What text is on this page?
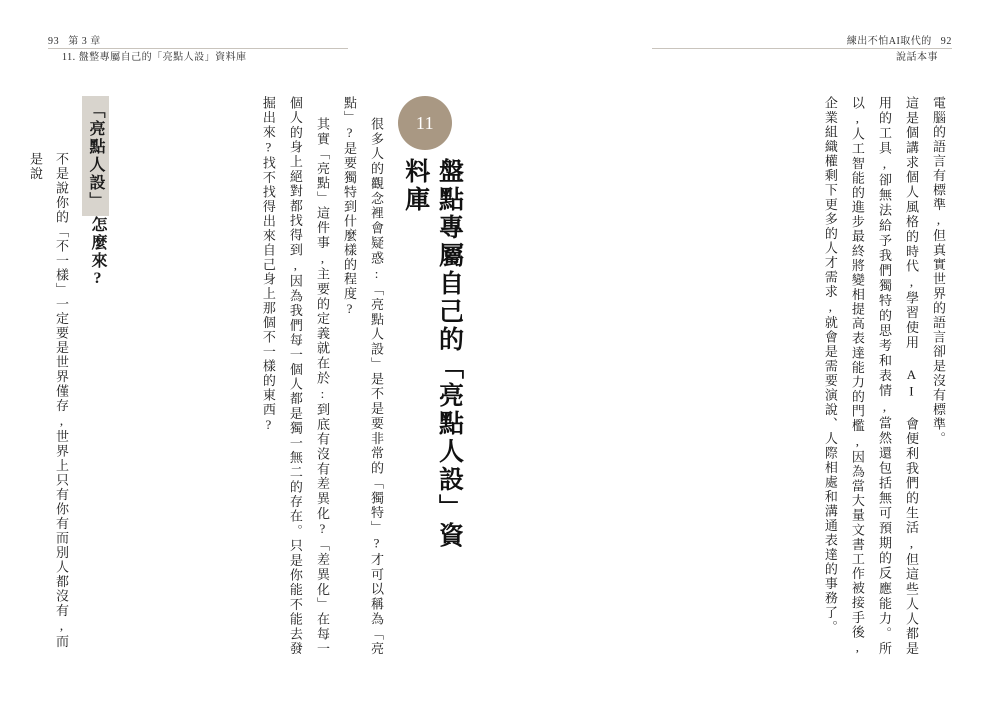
93 第 3 章
11. 盤整專屬自己的「亮點人設」資料庫
練出不怕AI取代的 92
說話本事
11
盤點專屬自己的「亮點人設」資料庫

很多人的觀念裡會疑惑:「亮點人設」是不是要非常的「獨特」?才可以稱為「亮點」?是要獨特到什麼樣的程度?

其實「亮點」這件事,主要的定義就在於:到底有沒有差異化?「差異化」在每一個人的身上絕對都找得到,因為我們每一個人都是獨一無二的存在。只是你能不能去發掘出來?找不找得出來自己身上那個不一樣的東西?

「亮點人設」
怎麼來?
不是說你的「不一樣」一定要是世界僅存,世界上只有你有而別人都沒有,而是說	電腦的語言有標準,但真實世界的語言卻是沒有標準。

這是個講求個人風格的時代,學習使用 AI 會便利我們的生活,但這些人人都是用的工具,卻無法給予我們獨特的思考和表情,當然還包括無可預期的反應能力。所以,人工智能的進步最終將變相提高表達能力的門檻,因為當大量文書工作被接手後,企業組織權剩下更多的人才需求,就會是需要演說、人際相處和溝通表達的事務了。
